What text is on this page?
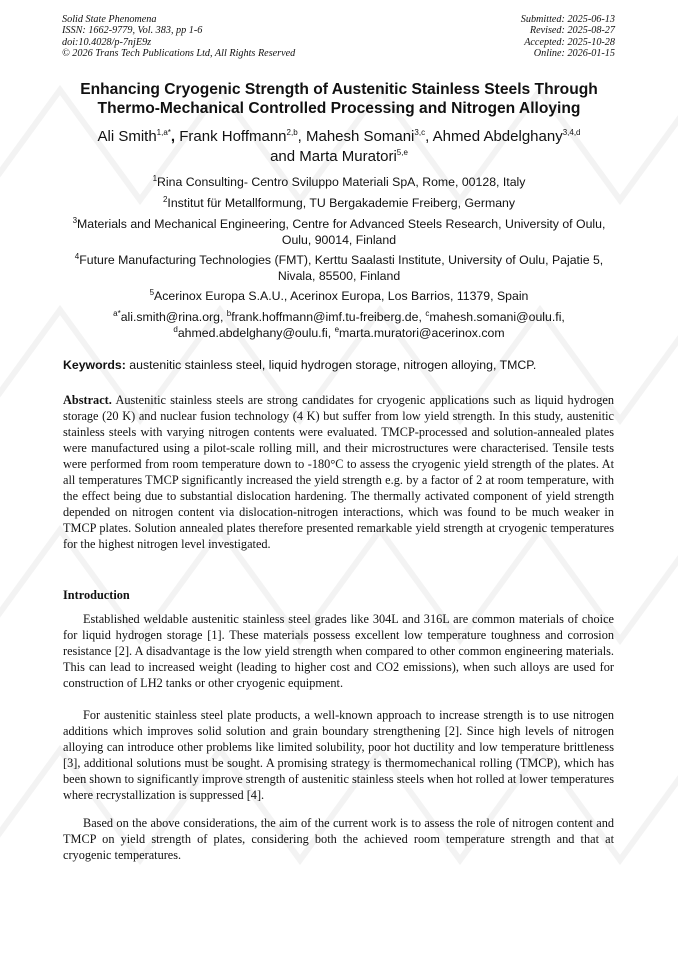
Solid State Phenomena
ISSN: 1662-9779, Vol. 383, pp 1-6
doi:10.4028/p-7njE9z
© 2026 Trans Tech Publications Ltd, All Rights Reserved
Submitted: 2025-06-13
Revised: 2025-08-27
Accepted: 2025-10-28
Online: 2026-01-15
Enhancing Cryogenic Strength of Austenitic Stainless Steels Through
Thermo-Mechanical Controlled Processing and Nitrogen Alloying
Ali Smith$^{1,a*}$, Frank Hoffmann$^{2,b}$, Mahesh Somani$^{3,c}$, Ahmed Abdelghany$^{3,4,d}$
and Marta Muratori$^{5,e}$
$^1$Rina Consulting- Centro Sviluppo Materiali SpA, Rome, 00128, Italy
$^2$Institut für Metallformung, TU Bergakademie Freiberg, Germany
$^3$Materials and Mechanical Engineering, Centre for Advanced Steels Research, University of Oulu, Oulu, 90014, Finland
$^4$Future Manufacturing Technologies (FMT), Kerttu Saalasti Institute, University of Oulu, Pajatie 5, Nivala, 85500, Finland
$^5$Acerinox Europa S.A.U., Acerinox Europa, Los Barrios, 11379, Spain
$^{a*}$ali.smith@rina.org, $^b$frank.hoffmann@imf.tu-freiberg.de, $^c$mahesh.somani@oulu.fi,
$^d$ahmed.abdelghany@oulu.fi, $^e$marta.muratori@acerinox.com
Keywords: austenitic stainless steel, liquid hydrogen storage, nitrogen alloying, TMCP.
Abstract. Austenitic stainless steels are strong candidates for cryogenic applications such as liquid hydrogen storage (20 K) and nuclear fusion technology (4 K) but suffer from low yield strength. In this study, austenitic stainless steels with varying nitrogen contents were evaluated. TMCP-processed and solution-annealed plates were manufactured using a pilot-scale rolling mill, and their microstructures were characterised. Tensile tests were performed from room temperature down to -180°C to assess the cryogenic yield strength of the plates. At all temperatures TMCP significantly increased the yield strength e.g. by a factor of 2 at room temperature, with the effect being due to substantial dislocation hardening. The thermally activated component of yield strength depended on nitrogen content via dislocation-nitrogen interactions, which was found to be much weaker in TMCP plates. Solution annealed plates therefore presented remarkable yield strength at cryogenic temperatures for the highest nitrogen level investigated.
Introduction
Established weldable austenitic stainless steel grades like 304L and 316L are common materials of choice for liquid hydrogen storage [1]. These materials possess excellent low temperature toughness and corrosion resistance [2]. A disadvantage is the low yield strength when compared to other common engineering materials. This can lead to increased weight (leading to higher cost and CO2 emissions), when such alloys are used for construction of LH2 tanks or other cryogenic equipment.
For austenitic stainless steel plate products, a well-known approach to increase strength is to use nitrogen additions which improves solid solution and grain boundary strengthening [2]. Since high levels of nitrogen alloying can introduce other problems like limited solubility, poor hot ductility and low temperature brittleness [3], additional solutions must be sought. A promising strategy is thermomechanical rolling (TMCP), which has been shown to significantly improve strength of austenitic stainless steels when hot rolled at lower temperatures where recrystallization is suppressed [4].
Based on the above considerations, the aim of the current work is to assess the role of nitrogen content and TMCP on yield strength of plates, considering both the achieved room temperature strength and that at cryogenic temperatures.
